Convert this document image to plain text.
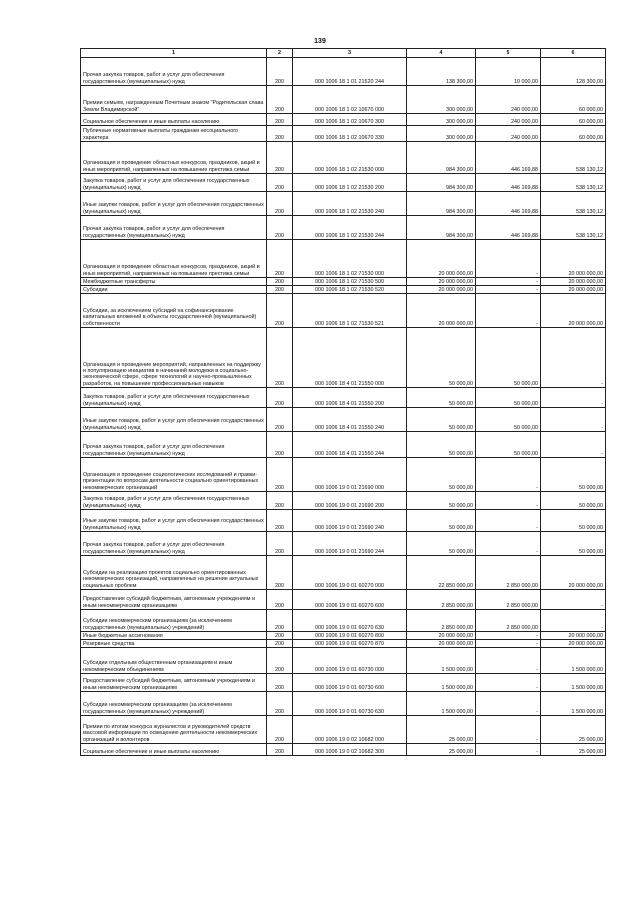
139
1	2	3	4	5	6
Прочая закупка товаров, работ и услуг для обеспечения государственных (муниципальных) нужд	200	000 1006 18 1 01 21520 244	138 300,00	10 000,00	128 300,00
Премии семьям, награжденным Почетным знаком "Родительская слава Земли Владимирской"	200	000 1006 18 1 02 10670 000	300 000,00	240 000,00	60 000,00
Социальное обеспечение и иные выплаты населению	200	000 1006 18 1 02 10670 300	300 000,00	240 000,00	60 000,00
Публичные нормативные выплаты гражданам несоциального характера	200	000 1006 18 1 02 10670 330	300 000,00	240 000,00	60 000,00
Организация и проведение областных конкурсов, праздников, акций и иных мероприятий, направленных на повышение престижа семьи	200	000 1006 18 1 02 21530 000	984 300,00	446 169,88	538 130,12
Закупка товаров, работ и услуг для обеспечения государственных (муниципальных) нужд	200	000 1006 18 1 02 21530 200	984 300,00	446 169,88	538 130,12
Иные закупки товаров, работ и услуг для обеспечения государственных (муниципальных) нужд	200	000 1006 18 1 02 21530 240	984 300,00	446 169,88	538 130,12
Прочая закупка товаров, работ и услуг для обеспечения государственных (муниципальных) нужд	200	000 1006 18 1 02 21530 244	984 300,00	446 169,88	538 130,12
Организация и проведение областных конкурсов, праздников, акций и иных мероприятий, направленных на повышение престижа семьи	200	000 1006 18 1 02 71530 000	20 000 000,00	-	20 000 000,00
Межбюджетные трансферты	200	000 1006 18 1 02 71530 500	20 000 000,00	-	20 000 000,00
Субсидии	200	000 1006 18 1 02 71530 520	20 000 000,00	-	20 000 000,00
Субсидии, за исключением субсидий на софинансирование капитальных вложений в объекты государственной (муниципальной) собственности	200	000 1006 18 1 02 71530 521	20 000 000,00	-	20 000 000,00
Организация и проведение мероприятий, направленных на поддержку и популяризацию инициатив в начинаний молодежи в социально-экономической сфере, сфере технологий и научно-промышленных разработок, на повышение профессиональных навыков	200	000 1006 18 4 01 21550 000	50 000,00	50 000,00	-
Закупка товаров, работ и услуг для обеспечения государственных (муниципальных) нужд	200	000 1006 18 4 01 21550 200	50 000,00	50 000,00	-
Иные закупки товаров, работ и услуг для обеспечения государственных (муниципальных) нужд	200	000 1006 18 4 01 21550 240	50 000,00	50 000,00	-
Прочая закупка товаров, работ и услуг для обеспечения государственных (муниципальных) нужд	200	000 1006 18 4 01 21550 244	50 000,00	50 000,00	-
Организация и проведение социологических исследований и правки-презентации по вопросам деятельности социально ориентированных некоммерческих организаций	200	000 1006 19 0 01 21690 000	50 000,00	-	50 000,00
Закупка товаров, работ и услуг для обеспечения государственных (муниципальных) нужд	200	000 1006 19 0 01 21690 200	50 000,00	-	50 000,00
Иные закупки товаров, работ и услуг для обеспечения государственных (муниципальных) нужд	200	000 1006 19 0 01 21690 240	50 000,00	-	50 000,00
Прочая закупка товаров, работ и услуг для обеспечения государственных (муниципальных) нужд	200	000 1006 19 0 01 21690 244	50 000,00	-	50 000,00
Субсидии на реализацию проектов социально ориентированных некоммерческих организаций, направленных на решение актуальных социальных проблем	200	000 1006 19 0 01 60270 000	22 850 000,00	2 850 000,00	20 000 000,00
Предоставление субсидий бюджетным, автономным учреждениям и иным некоммерческим организациям	200	000 1006 19 0 01 60270 600	2 850 000,00	2 850 000,00	-
Субсидии некоммерческим организациям (за исключением государственных (муниципальных) учреждений)	200	000 1006 19 0 01 60270 630	2 850 000,00	2 850 000,00	-
Иные бюджетные ассигнования	200	000 1006 19 0 01 60270 800	20 000 000,00	-	20 000 000,00
Резервные средства	200	000 1006 19 0 01 60270 870	20 000 000,00	-	20 000 000,00
Субсидии отдельным общественным организациям и иным некоммерческим объединениям	200	000 1006 19 0 01 60730 000	1 500 000,00	-	1 500 000,00
Предоставление субсидий бюджетным, автономным учреждениям и иным некоммерческим организациям	200	000 1006 19 0 01 60730 600	1 500 000,00	-	1 500 000,00
Субсидии некоммерческим организациям (за исключением государственных (муниципальных) учреждений)	200	000 1006 19 0 01 60730 630	1 500 000,00	-	1 500 000,00
Премии по итогам конкурса журналистов и руководителей средств массовой информации по освещению деятельности некоммерческих организаций и волонтеров	200	000 1006 19 0 02 10682 000	25 000,00	-	25 000,00
Социальное обеспечение и иные выплаты населению	200	000 1006 19 0 02 10682 300	25 000,00	-	25 000,00
